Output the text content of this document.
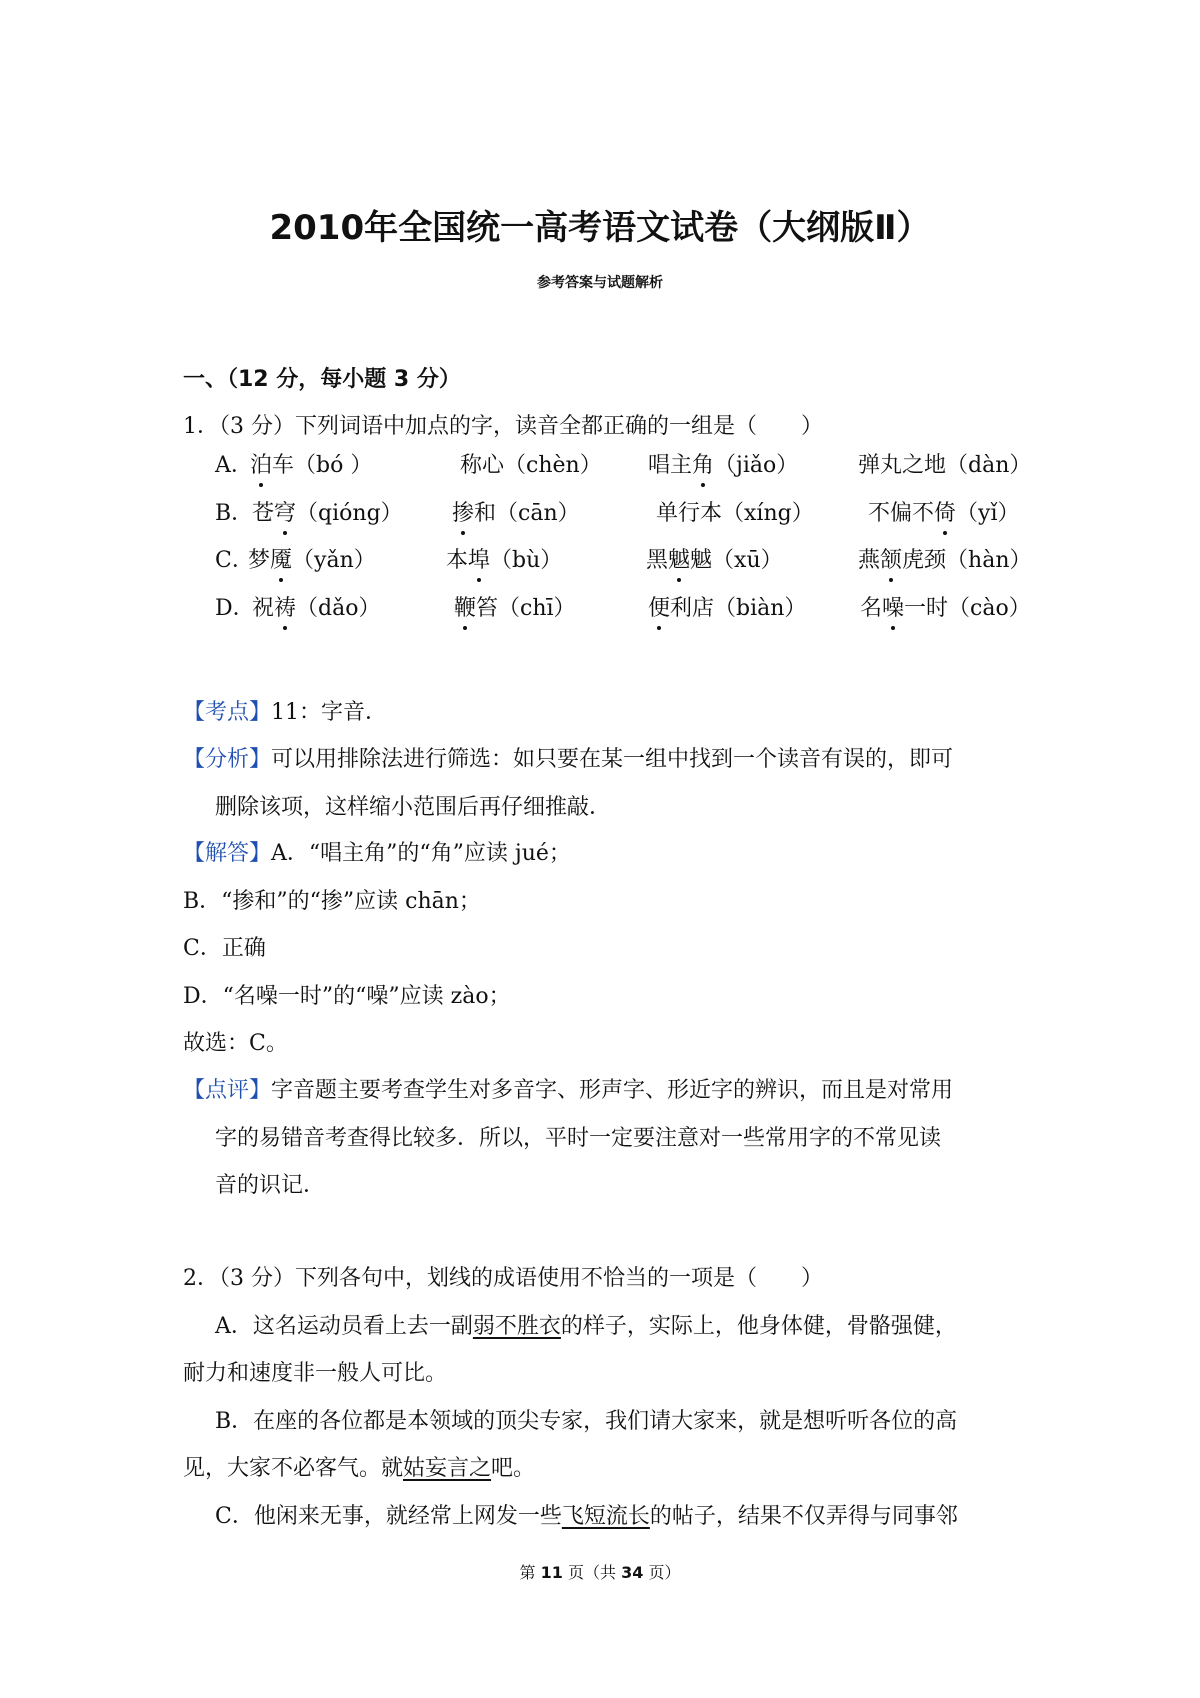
2010年全国统一高考语文试卷（大纲版Ⅱ）
参考答案与试题解析
一、（12 分，每小题 3 分）
1．（3 分）下列词语中加点的字，读音全都正确的一组是（　　）
A．
泊车（bó ）	称心（chèn） 唱主角（jiǎo）	弹丸之地（dàn）
B．
苍穹（qióng） 掺和（cān）	单行本（xíng） 不偏不倚（yǐ）
C．
梦魇（yǎn）	本埠（bù）	黑魆魆（xū）	燕颔虎颈（hàn）
D．
祝祷（dǎo）	鞭笞（chī）	便利店（biàn） 名噪一时（cào）
【考点】11：字音．
【分析】可以用排除法进行筛选：如只要在某一组中找到一个读音有误的，即可
删除该项，这样缩小范围后再仔细推敲．
【解答】A．“唱主角”的“角”应读 jué；
B．“掺和”的“掺”应读 chān；
C．正确
D．“名噪一时”的“噪”应读 zào；
故选：C。
【点评】字音题主要考查学生对多音字、形声字、形近字的辨识，而且是对常用
字的易错音考查得比较多．所以，平时一定要注意对一些常用字的不常见读
音的识记．
2．（3 分）下列各句中，划线的成语使用不恰当的一项是（　　）
A．这名运动员看上去一副弱不胜衣的样子，实际上，他身体健，骨骼强健，
耐力和速度非一般人可比。
B．在座的各位都是本领域的顶尖专家，我们请大家来，就是想听听各位的高
见，大家不必客气。就姑妄言之吧。
C．他闲来无事，就经常上网发一些飞短流长的帖子，结果不仅弄得与同事邻
第 11 页（共 34 页）
